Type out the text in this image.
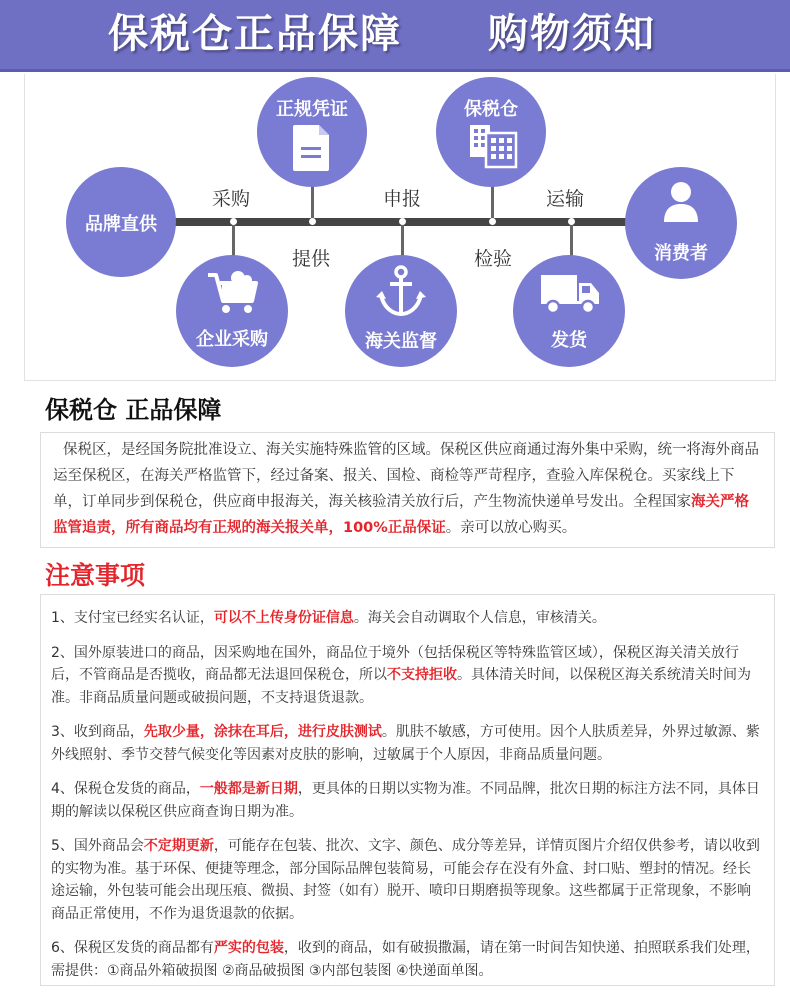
保税仓正品保障 购物须知
采购
提供
申报
检验
运输
品牌直供
正规凭证
企业采购	海关监督
保税仓
发货
消费者
保税仓 正品保障
保税区，是经国务院批准设立、海关实施特殊监管的区域。保税区供应商通过海外集中采购，统一将海外商品运至保税区，在海关严格监管下，经过备案、报关、国检、商检等严苛程序，查验入库保税仓。买家线上下单，订单同步到保税仓，供应商申报海关，海关核验清关放行后，产生物流快递单号发出。全程国家海关严格监管追责，所有商品均有正规的海关报关单，100%正品保证。亲可以放心购买。
注意事项
1、支付宝已经实名认证，可以不上传身份证信息。海关会自动调取个人信息，审核清关。
2、国外原装进口的商品，因采购地在国外，商品位于境外（包括保税区等特殊监管区域），保税区海关清关放行后，不管商品是否揽收，商品都无法退回保税仓，所以不支持拒收。具体清关时间，以保税区海关系统清关时间为准。非商品质量问题或破损问题，不支持退货退款。
3、收到商品，先取少量，涂抹在耳后，进行皮肤测试。肌肤不敏感，方可使用。因个人肤质差异，外界过敏源、紫外线照射、季节交替气候变化等因素对皮肤的影响，过敏属于个人原因，非商品质量问题。
4、保税仓发货的商品，一般都是新日期，更具体的日期以实物为准。不同品牌，批次日期的标注方法不同，具体日期的解读以保税区供应商查询日期为准。
5、国外商品会不定期更新，可能存在包装、批次、文字、颜色、成分等差异，详情页图片介绍仅供参考，请以收到的实物为准。基于环保、便捷等理念，部分国际品牌包装简易，可能会存在没有外盒、封口贴、塑封的情况。经长途运输，外包装可能会出现压痕、微损、封签（如有）脱开、喷印日期磨损等现象。这些都属于正常现象，不影响商品正常使用，不作为退货退款的依据。
6、保税区发货的商品都有严实的包装，收到的商品，如有破损撒漏，请在第一时间告知快递、拍照联系我们处理，需提供：①商品外箱破损图 ②商品破损图 ③内部包装图 ④快递面单图。
